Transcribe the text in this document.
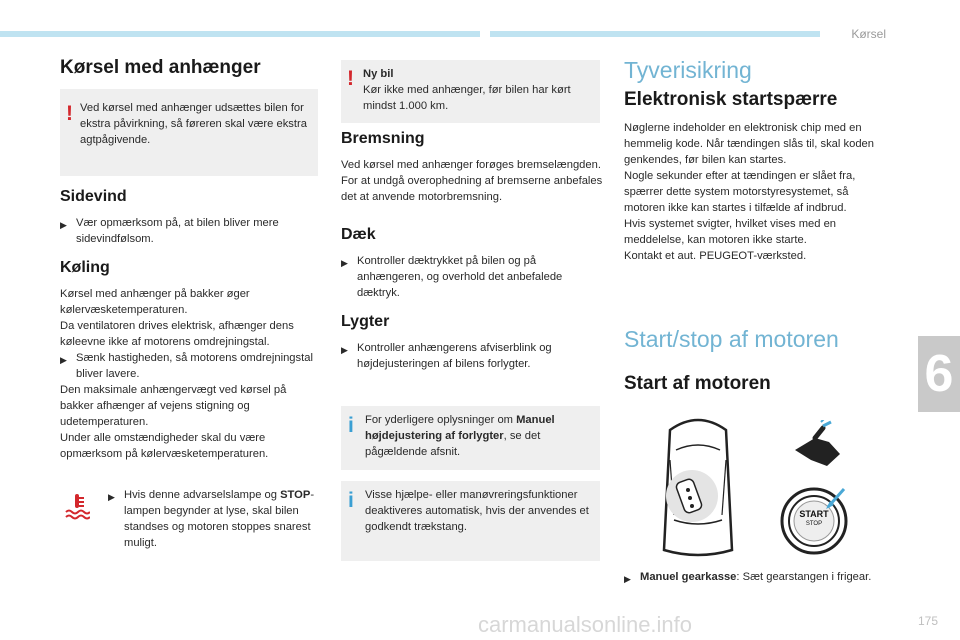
Kørsel
6
Kørsel med anhænger
! Ved kørsel med anhænger udsættes bilen for ekstra påvirkning, så føreren skal være ekstra agtpågivende.
Sidevind
▶ Vær opmærksom på, at bilen bliver mere sidevindfølsom.
Køling
Kørsel med anhænger på bakker øger kølervæsketemperaturen.
Da ventilatoren drives elektrisk, afhænger dens køleevne ikke af motorens omdrejningstal.
▶ Sænk hastigheden, så motorens omdrejningstal bliver lavere.
Den maksimale anhængervægt ved kørsel på bakker afhænger af vejens stigning og udetemperaturen.
Under alle omstændigheder skal du være opmærksom på kølervæsketemperaturen.
▶ Hvis denne advarselslampe og STOP-lampen begynder at lyse, skal bilen standses og motoren stoppes snarest muligt.
! Ny bil
Kør ikke med anhænger, før bilen har kørt mindst 1.000 km.
Bremsning
Ved kørsel med anhænger forøges bremselængden.
For at undgå overophedning af bremserne anbefales det at anvende motorbremsning.
Dæk
▶ Kontroller dæktrykket på bilen og på anhængeren, og overhold det anbefalede dæktryk.
Lygter
▶ Kontroller anhængerens afviserblink og højdejusteringen af bilens forlygter.
i For yderligere oplysninger om Manuel højdejustering af forlygter, se det pågældende afsnit.
i Visse hjælpe- eller manøvreringsfunktioner deaktiveres automatisk, hvis der anvendes et godkendt trækstang.
Tyverisikring
Elektronisk startspærre
Nøglerne indeholder en elektronisk chip med en hemmelig kode. Når tændingen slås til, skal koden genkendes, før bilen kan startes.
Nogle sekunder efter at tændingen er slået fra, spærrer dette system motorstyresystemet, så motoren ikke kan startes i tilfælde af indbrud.
Hvis systemet svigter, hvilket vises med en meddelelse, kan motoren ikke starte.
Kontakt et aut. PEUGEOT-værksted.
Start/stop af motoren
Start af motoren
START
STOP
▶ Manuel gearkasse: Sæt gearstangen i frigear.
carmanualsonline.info	175
